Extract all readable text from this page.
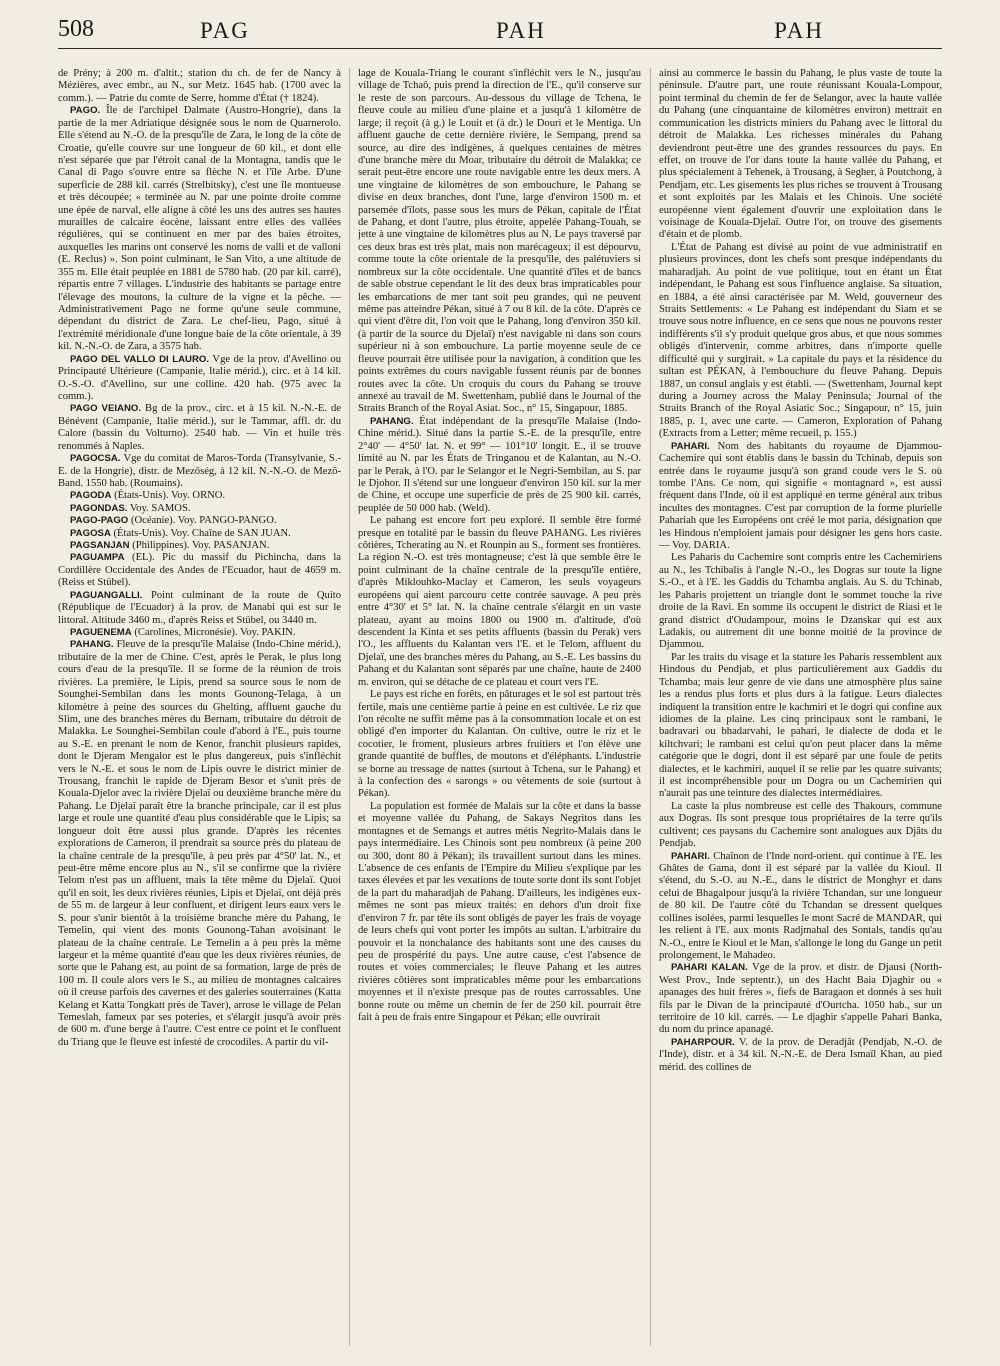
508	PAG	PAH	PAH

de Prény; à 200 m. d'altit.; station du ch. de fer de Nancy à Mézières, avec embr., au N., sur Metz. 1645 hab. (1700 avec la comm.). — Patrie du comte de Serre, homme d'État († 1824).

PAGO. Île de l'archipel Dalmate (Austro-Hongrie), dans la partie de la mer Adriatique désignée sous le nom de Quarnerolo. Elle s'étend au N.-O. de la presqu'île de Zara, le long de la côte de Croatie, qu'elle couvre sur une longueur de 60 kil., et dont elle n'est séparée que par l'étroit canal de la Montagna, tandis que le Canal di Pago s'ouvre entre sa flèche N. et l'île Arbe. D'une superficie de 288 kil. carrés (Strelbitsky), c'est une île montueuse et très découpée; « terminée au N. par une pointe droite comme une épée de narval, elle aligne à côté les uns des autres ses hautes murailles de calcaire éocène, laissant entre elles des vallées régulières, qui se continuent en mer par des baies étroites, auxquelles les marins ont conservé les noms de valli et de valloni (E. Reclus) ». Son point culminant, le San Vito, a une altitude de 355 m. Elle était peuplée en 1881 de 5780 hab. (20 par kil. carré), répartis entre 7 villages. L'industrie des habitants se partage entre l'élevage des moutons, la culture de la vigne et la pêche. — Administrativement Pago ne forme qu'une seule commune, dépendant du district de Zara. Le chef-lieu, Pago, situé à l'extrémité méridionale d'une longue baie de la côte orientale, à 39 kil. N.-N.-O. de Zara, a 3575 hab.

PAGO DEL VALLO DI LAURO. Vge de la prov. d'Avellino ou Principauté Ultérieure (Campanie, Italie mérid.), circ. et à 14 kil. O.-S.-O. d'Avellino, sur une colline. 420 hab. (975 avec la comm.).

PAGO VEIANO. Bg de la prov., circ. et à 15 kil. N.-N.-E. de Bénévent (Campanie, Italie mérid.), sur le Tammar, affl. dr. du Calore (bassin du Volturno). 2540 hab. — Vin et huile très renommés à Naples.

PAGOCSA. Vge du comitat de Maros-Torda (Transylvanie, S.-E. de la Hongrie), distr. de Mezőség, à 12 kil. N.-N.-O. de Mezõ-Band. 1550 hab. (Roumains).

PAGODA (États-Unis). Voy. ORNO.

PAGONDAS. Voy. SAMOS.

PAGO-PAGO (Océanie). Voy. PANGO-PANGO.

PAGOSA (États-Unis). Voy. Chaîne de SAN JUAN.

PAGSANJAN (Philippines). Voy. PASANJAN.

PAGUAMPA (EL). Pic du massif du Pichincha, dans la Cordillère Occidentale des Andes de l'Ecuador, haut de 4659 m. (Reiss et Stübel).

PAGUANGALLI. Point culminant de la route de Quito (République de l'Ecuador) à la prov. de Manabi qui est sur le littoral. Altitude 3460 m., d'après Reiss et Stübel, ou 3440 m.

PAGUENEMA (Carolines, Micronésie). Voy. PAKIN.

PAHANG. Fleuve de la presqu'île Malaise (Indo-Chine mérid.), tributaire de la mer de Chine. C'est, après le Perak, le plus long cours d'eau de la presqu'île. Il se forme de la réunion de trois rivières. La première, le Lipis, prend sa source sous le nom de Sounghei-Sembilan dans les monts Gounong-Telaga, à un kilomètre à peine des sources du Ghelting, affluent gauche du Slim, une des branches mères du Bernam, tributaire du détroit de Malakka. Le Sounghei-Sembilan coule d'abord à l'E., puis tourne au S.-E. en prenant le nom de Kenor, franchit plusieurs rapides, dont le Djeram Mengalor est le plus dangereux, puis s'infléchit vers le N.-E. et sous le nom de Lipis ouvre le district minier de Trousang, franchit le rapide de Djeram Besor et s'unit près de Kouala-Djelor avec la rivière Djelaï ou deuxième branche mère du Pahang. Le Djelaï paraît être la branche principale, car il est plus large et roule une quantité d'eau plus considérable que le Lipis; sa longueur doit être aussi plus grande. D'après les récentes explorations de Cameron, il prendrait sa source près du plateau de la chaîne centrale de la presqu'île, à peu près par 4°50' lat. N., et peut-être même encore plus au N., s'il se confirme que la rivière Telom n'est pas un affluent, mais la tête même du Djelaï. Quoi qu'il en soit, les deux rivières réunies, Lipis et Djelaï, ont déjà près de 55 m. de largeur à leur confluent, et dirigent leurs eaux vers le S. pour s'unir bientôt à la troisième branche mère du Pahang, le Temelin, qui vient des monts Gounong-Tahan avoisinant le plateau de la chaîne centrale. Le Temelin a à peu près la même largeur et la même quantité d'eau que les deux rivières réunies, de sorte que le Pahang est, au point de sa formation, large de près de 100 m. Il coule alors vers le S., au milieu de montagnes calcaires où il creuse parfois des cavernes et des galeries souterraines (Katta Kelang et Katta Tongkatt près de Taver), arrose le village de Pelan Temeslah, fameux par ses poteries, et s'élargit jusqu'à avoir près de 600 m. d'une berge à l'autre. C'est entre ce point et le confluent du Triang que le fleuve est infesté de crocodiles. A partir du vil-

lage de Kouala-Triang le courant s'infléchit vers le N., jusqu'au village de Tchaô, puis prend la direction de l'E., qu'il conserve sur le reste de son parcours. Au-dessous du village de Tchena, le fleuve coule au milieu d'une plaine et a jusqu'à 1 kilomètre de large; il reçoit (à g.) le Louit et (à dr.) le Douri et le Mentiga. Un affluent gauche de cette dernière rivière, le Sempang, prend sa source, au dire des indigènes, à quelques centaines de mètres d'une branche mère du Moar, tributaire du détroit de Malakka; ce serait peut-être encore une route navigable entre les deux mers. A une vingtaine de kilomètres de son embouchure, le Pahang se divise en deux branches, dont l'une, large d'environ 1500 m. et parsemée d'îlots, passe sous les murs de Pékan, capitale de l'État de Pahang, et dont l'autre, plus étroite, appelée Pahang-Touah, se jette à une vingtaine de kilomètres plus au N. Le pays traversé par ces deux bras est très plat, mais non marécageux; il est dépourvu, comme toute la côte orientale de la presqu'île, des palétuviers si nombreux sur la côte occidentale. Une quantité d'îles et de bancs de sable obstrue cependant le lit des deux bras impraticables pour les embarcations de mer tant soit peu grandes, qui ne peuvent même pas atteindre Pékan, situé à 7 ou 8 kil. de la côte. D'après ce qui vient d'être dit, l'on voit que le Pahang, long d'environ 350 kil. (à partir de la source du Djelaï) n'est navigable ni dans son cours supérieur ni à son embouchure. La partie moyenne seule de ce fleuve pourrait être utilisée pour la navigation, à condition que les points extrêmes du cours navigable fussent réunis par de bonnes routes avec la côte. Un croquis du cours du Pahang se trouve annexé au travail de M. Swettenham, publié dans le Journal of the Straits Branch of the Royal Asiat. Soc., n° 15, Singapour, 1885.

PAHANG. État indépendant de la presqu'île Malaise (Indo-Chine mérid.). Situé dans la partie S.-E. de la presqu'île, entre 2°40' — 4°50' lat. N. et 99° — 101°10' longit. E., il se trouve limité au N. par les États de Tringanou et de Kalantan, au N.-O. par le Perak, à l'O. par le Selangor et le Negri-Sembilan, au S. par le Djohor. Il s'étend sur une longueur d'environ 150 kil. sur la mer de Chine, et occupe une superficie de près de 25 900 kil. carrés, peuplée de 50 000 hab. (Weld).

Le pahang est encore fort peu exploré. Il semble être formé presque en totalité par le bassin du fleuve PAHANG. Les rivières côtières, Tcherating au N. et Rounpin au S., forment ses frontières. La région N.-O. est très montagneuse; c'est là que semble être le point culminant de la chaîne centrale de la presqu'île entière, d'après Miklouhko-Maclay et Cameron, les seuls voyageurs européens qui aient parcouru cette contrée sauvage. A peu près entre 4°30' et 5° lat. N. la chaîne centrale s'élargit en un vaste plateau, ayant au moins 1800 ou 1900 m. d'altitude, d'où descendent la Kinta et ses petits affluents (bassin du Perak) vers l'O., les affluents du Kalantan vers l'E. et le Telom, affluent du Djelaï, une des branches mères du Pahang, au S.-E. Les bassins du Pahang et du Kalantan sont séparés par une chaîne, haute de 2400 m. environ, qui se détache de ce plateau et court vers l'E.

Le pays est riche en forêts, en pâturages et le sol est partout très fertile, mais une centième partie à peine en est cultivée. Le riz que l'on récolte ne suffit même pas à la consommation locale et on est obligé d'en importer du Kalantan. On cultive, outre le riz et le cocotier, le froment, plusieurs arbres fruitiers et l'on élève une grande quantité de buffles, de moutons et d'éléphants. L'industrie se borne au tressage de nattes (surtout à Tchena, sur le Pahang) et à la confection des « sarongs » ou vêtements de soie (surtout à Pékan).

La population est formée de Malais sur la côte et dans la basse et moyenne vallée du Pahang, de Sakays Negritos dans les montagnes et de Semangs et autres métis Negrito-Malais dans le pays intermédiaire. Les Chinois sont peu nombreux (à peine 200 ou 300, dont 80 à Pékan); ils travaillent surtout dans les mines. L'absence de ces enfants de l'Empire du Milieu s'explique par les taxes élevées et par les vexations de toute sorte dont ils sont l'objet de la part du maharadjah de Pahang. D'ailleurs, les indigènes eux-mêmes ne sont pas mieux traités: en dehors d'un droit fixe d'environ 7 fr. par tête ils sont obligés de payer les frais de voyage de leurs chefs qui vont porter les impôts au sultan. L'arbitraire du pouvoir et la nonchalance des habitants sont une des causes du peu de prospérité du pays. Une autre cause, c'est l'absence de routes et voies commerciales; le fleuve Pahang et les autres rivières côtières sont impraticables même pour les embarcations moyennes et il n'existe presque pas de routes carrossables. Une bonne route ou même un chemin de fer de 250 kil. pourrait être fait à peu de frais entre Singapour et Pékan; elle ouvrirait

ainsi au commerce le bassin du Pahang, le plus vaste de toute la péninsule. D'autre part, une route réunissant Kouala-Lompour, point terminal du chemin de fer de Selangor, avec la haute vallée du Pahang (une cinquantaine de kilomètres environ) mettrait en communication les districts miniers du Pahang avec le littoral du détroit de Malakka. Les richesses minérales du Pahang deviendront peut-être une des grandes ressources du pays. En effet, on trouve de l'or dans toute la haute vallée du Pahang, et plus spécialement à Tehenek, à Trousang, à Segher, à Poutchong, à Pendjam, etc. Les gisements les plus riches se trouvent à Trousang et sont exploités par les Malais et les Chinois. Une société européenne vient également d'ouvrir une exploitation dans le voisinage de Kouala-Djelaï. Outre l'or, on trouve des gisements d'étain et de plomb.

L'État de Pahang est divisé au point de vue administratif en plusieurs provinces, dont les chefs sont presque indépendants du maharadjah. Au point de vue politique, tout en étant un État indépendant, le Pahang est sous l'influence anglaise. Sa situation, en 1884, a été ainsi caractérisée par M. Weld, gouverneur des Straits Settlements: « Le Pahang est indépendant du Siam et se trouve sous notre influence, en ce sens que nous ne pouvons rester indifférents s'il s'y produit quelque gros abus, et que nous sommes obligés d'intervenir, comme arbitres, dans n'importe quelle difficulté qui y surgirait. » La capitale du pays et la résidence du sultan est PÉKAN, à l'embouchure du fleuve Pahang. Depuis 1887, un consul anglais y est établi. — (Swettenham, Journal kept during a Journey across the Malay Peninsula; Journal of the Straits Branch of the Royal Asiatic Soc.; Singapour, n° 15, juin 1885, p. 1, avec une carte. — Cameron, Exploration of Pahang (Extracts from a Letter; même recueil, p. 155.)

PAHARI. Nom des habitants du royaume de Djammou-Cachemire qui sont établis dans le bassin du Tchinab, depuis son entrée dans le royaume jusqu'à son grand coude vers le S. où tombe l'Ans. Ce nom, qui signifie « montagnard », est aussi fréquent dans l'Inde, où il est appliqué en terme général aux tribus incultes des montagnes. C'est par corruption de la forme plurielle Pahariah que les Européens ont créé le mot paria, désignation que les Hindous n'emploient jamais pour désigner les gens hors caste. — Voy. DARIA.

Les Paharis du Cachemire sont compris entre les Cachemiriens au N., les Tchibalis à l'angle N.-O., les Dogras sur toute la ligne S.-O., et à l'E. les Gaddis du Tchamba anglais. Au S. du Tchinab, les Paharis projettent un triangle dont le sommet touche la rive droite de la Ravi. En somme ils occupent le district de Riasi et le grand district d'Oudampour, moins le Dzanskar qui est aux Ladakis, ou autrement dit une bonne moitié de la province de Djammou.

Par les traits du visage et la stature les Paharis ressemblent aux Hindous du Pendjab, et plus particulièrement aux Gaddis du Tchamba; mais leur genre de vie dans une atmosphère plus saine les a rendus plus forts et plus durs à la fatigue. Leurs dialectes indiquent la transition entre le kachmiri et le dogri qui confine aux idiomes de la plaine. Les cinq principaux sont le rambani, le badravari ou bhadarvahi, le pahari, le dialecte de doda et le kiltchvari; le rambani est celui qu'on peut placer dans la même catégorie que le dogri, dont il est séparé par une foule de petits dialectes, et le kachmiri, auquel il se relie par les quatre suivants; il est incompréhensible pour un Dogra ou un Cachemirien qui n'aurait pas une teinture des dialectes intermédiaires.

La caste la plus nombreuse est celle des Thakours, commune aux Dogras. Ils sont presque tous propriétaires de la terre qu'ils cultivent; ces paysans du Cachemire sont analogues aux Djâts du Pendjab.

PAHARI. Chaînon de l'Inde nord-orient. qui continue à l'E. les Ghâtes de Gama, dont il est séparé par la vallée du Kioul. Il s'étend, du S.-O. au N.-E., dans le district de Monghyr et dans celui de Bhagalpour jusqu'à la rivière Tchandan, sur une longueur de 80 kil. De l'autre côté du Tchandan se dressent quelques collines isolées, parmi lesquelles le mont Sacré de MANDAR, qui les relient à l'E. aux monts Radjmahal des Sontals, tandis qu'au N.-O., entre le Kioul et le Man, s'allonge le long du Gange un petit prolongement, le Mahadeo.

PAHARI KALAN. Vge de la prov. et distr. de Djausi (North-West Prov., Inde septentr.), un des Hacht Baia Djaghir ou « apanages des huit frères », fiefs de Baragaon et donnés à ses huit fils par le Divan de la principauté d'Ourtcha. 1050 hab., sur un territoire de 10 kil. carrés. — Le djaghir s'appelle Pahari Banka, du nom du prince apanagé.

PAHARPOUR. V. de la prov. de Deradjât (Pendjab, N.-O. de l'Inde), distr. et à 34 kil. N.-N.-E. de Dera Ismaïl Khan, au pied mérid. des collines de
